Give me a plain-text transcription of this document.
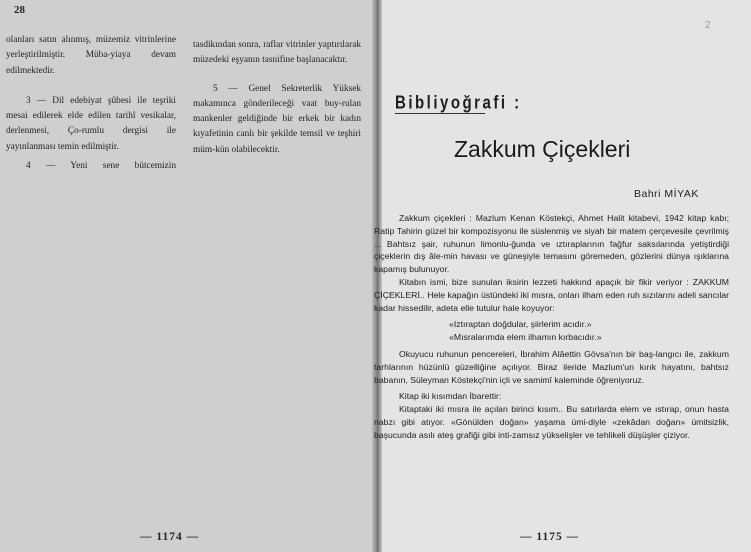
28

olanları satın alınmış, müzemiz vitrinlerine yerleştirilmiştir. Müba-yiaya devam edilmektedir.

3 — Dil edebiyat şûbesi ile teşriki mesai edilerek elde edilen tarihî vesikalar, derlenmesi, Ço-rumlu dergisi ile yayınlanması temin edilmiştir.

4 — Yeni sene bütcemizin

tasdikından sonra, raflar vitrinler yaptırılarak müzedeki eşyanın tasnifine başlanacaktır.

5 — Genel Sekreterlik Yüksek makamınca gönderileceği vaat buy-rulan mankenler geldiğinde bir erkek bir kadın kıyafetinin canlı bir şekilde temsil ve teşhiri müm-kün olabilecektir.

— 1174 —
2
Bibliyoğrafi :
Zakkum Çiçekleri
Bahri MİYAK

Zakkum çiçekleri : Mazlum Kenan Köstekçi, Ahmet Halit kitabevi, 1942 kitap kabı; Ratip Tahirin güzel bir kompozisyonu ile süslenmiş ve siyah bir matem çerçevesile çevrilmiş ... Bahtsız şair, ruhunun limonlu-ğunda ve ıztıraplarının fağfur saksılarında yetiştirdiği çiçeklerin dış âle-min havası ve güneşiyle temasını göremeden, gözlerini dünya ışıklarına kapamış bulunuyor.

Kitabın ismi, bize sunulan iksirin lezzeti hakkınd apaçık bir fikir veriyor : ZAKKUM ÇİÇEKLERİ.. Hele kapağın üstündeki iki mısra, onları ilham eden ruh sızılarını adeli sancılar kadar hissedilir, adeta elle tutulur hale koyuyor:

«Iztıraptan doğdular, şiirlerim acıdır.»

«Mısralarımda elem ilhamın kırbacıdır.»

Okuyucu ruhunun pencereleri, İbrahim Alâettin Gövsa'nın bir baş-langıcı ile, zakkum tarhlarının hüzünlü güzelliğine açılıyor. Biraz ileride Mazlum'un kırık hayatını, bahtsız babanın, Süleyman Köstekçi'nin içli ve samimî kaleminde öğreniyoruz.

Kitap iki kısımdan İbarettir:

Kitaptaki iki mısra ile açılan birinci kısım.. Bu satırlarda elem ve ıstırap, onun hasta nabzı gibi atıyor. «Gönülden doğan» yaşama ümi-diyle «zekâdan doğan» ümitsizlik, başucunda asılı ateş grafiği gibi inti-zamsız yükselişler ve tehlikeli düşüşler çiziyor.

— 1175 —
